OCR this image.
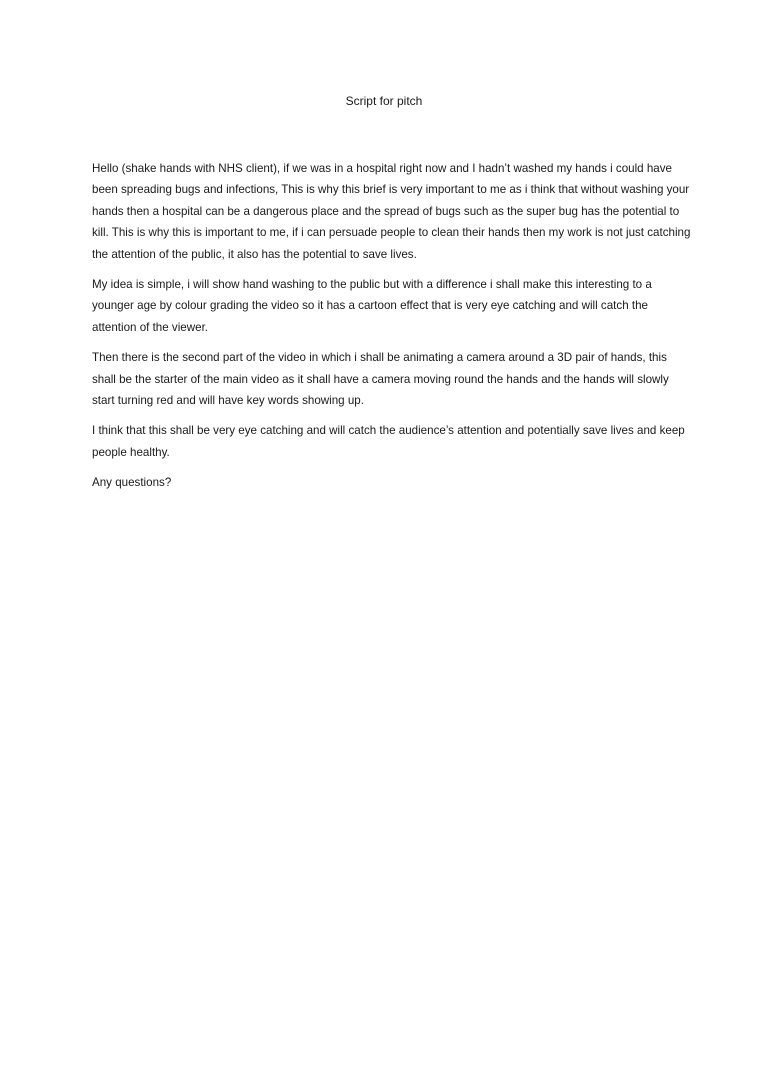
Script for pitch

Hello (shake hands with NHS client), if we was in a hospital right now and I hadn’t washed my hands i could have been spreading bugs and infections, This is why this brief is very important to me as i think that without washing your hands then a hospital can be a dangerous place and the spread of bugs such as the super bug has the potential to kill. This is why this is important to me, if i can persuade people to clean their hands then my work is not just catching the attention of the public, it also has the potential to save lives.

My idea is simple, i will show hand washing to the public but with a difference i shall make this interesting to a younger age by colour grading the video so it has a cartoon effect that is very eye catching and will catch the attention of the viewer.

Then there is the second part of the video in which i shall be animating a camera around a 3D pair of hands, this shall be the starter of the main video as it shall have a camera moving round the hands and the hands will slowly start turning red and will have key words showing up.

I think that this shall be very eye catching and will catch the audience’s attention and potentially save lives and keep people healthy.

Any questions?
